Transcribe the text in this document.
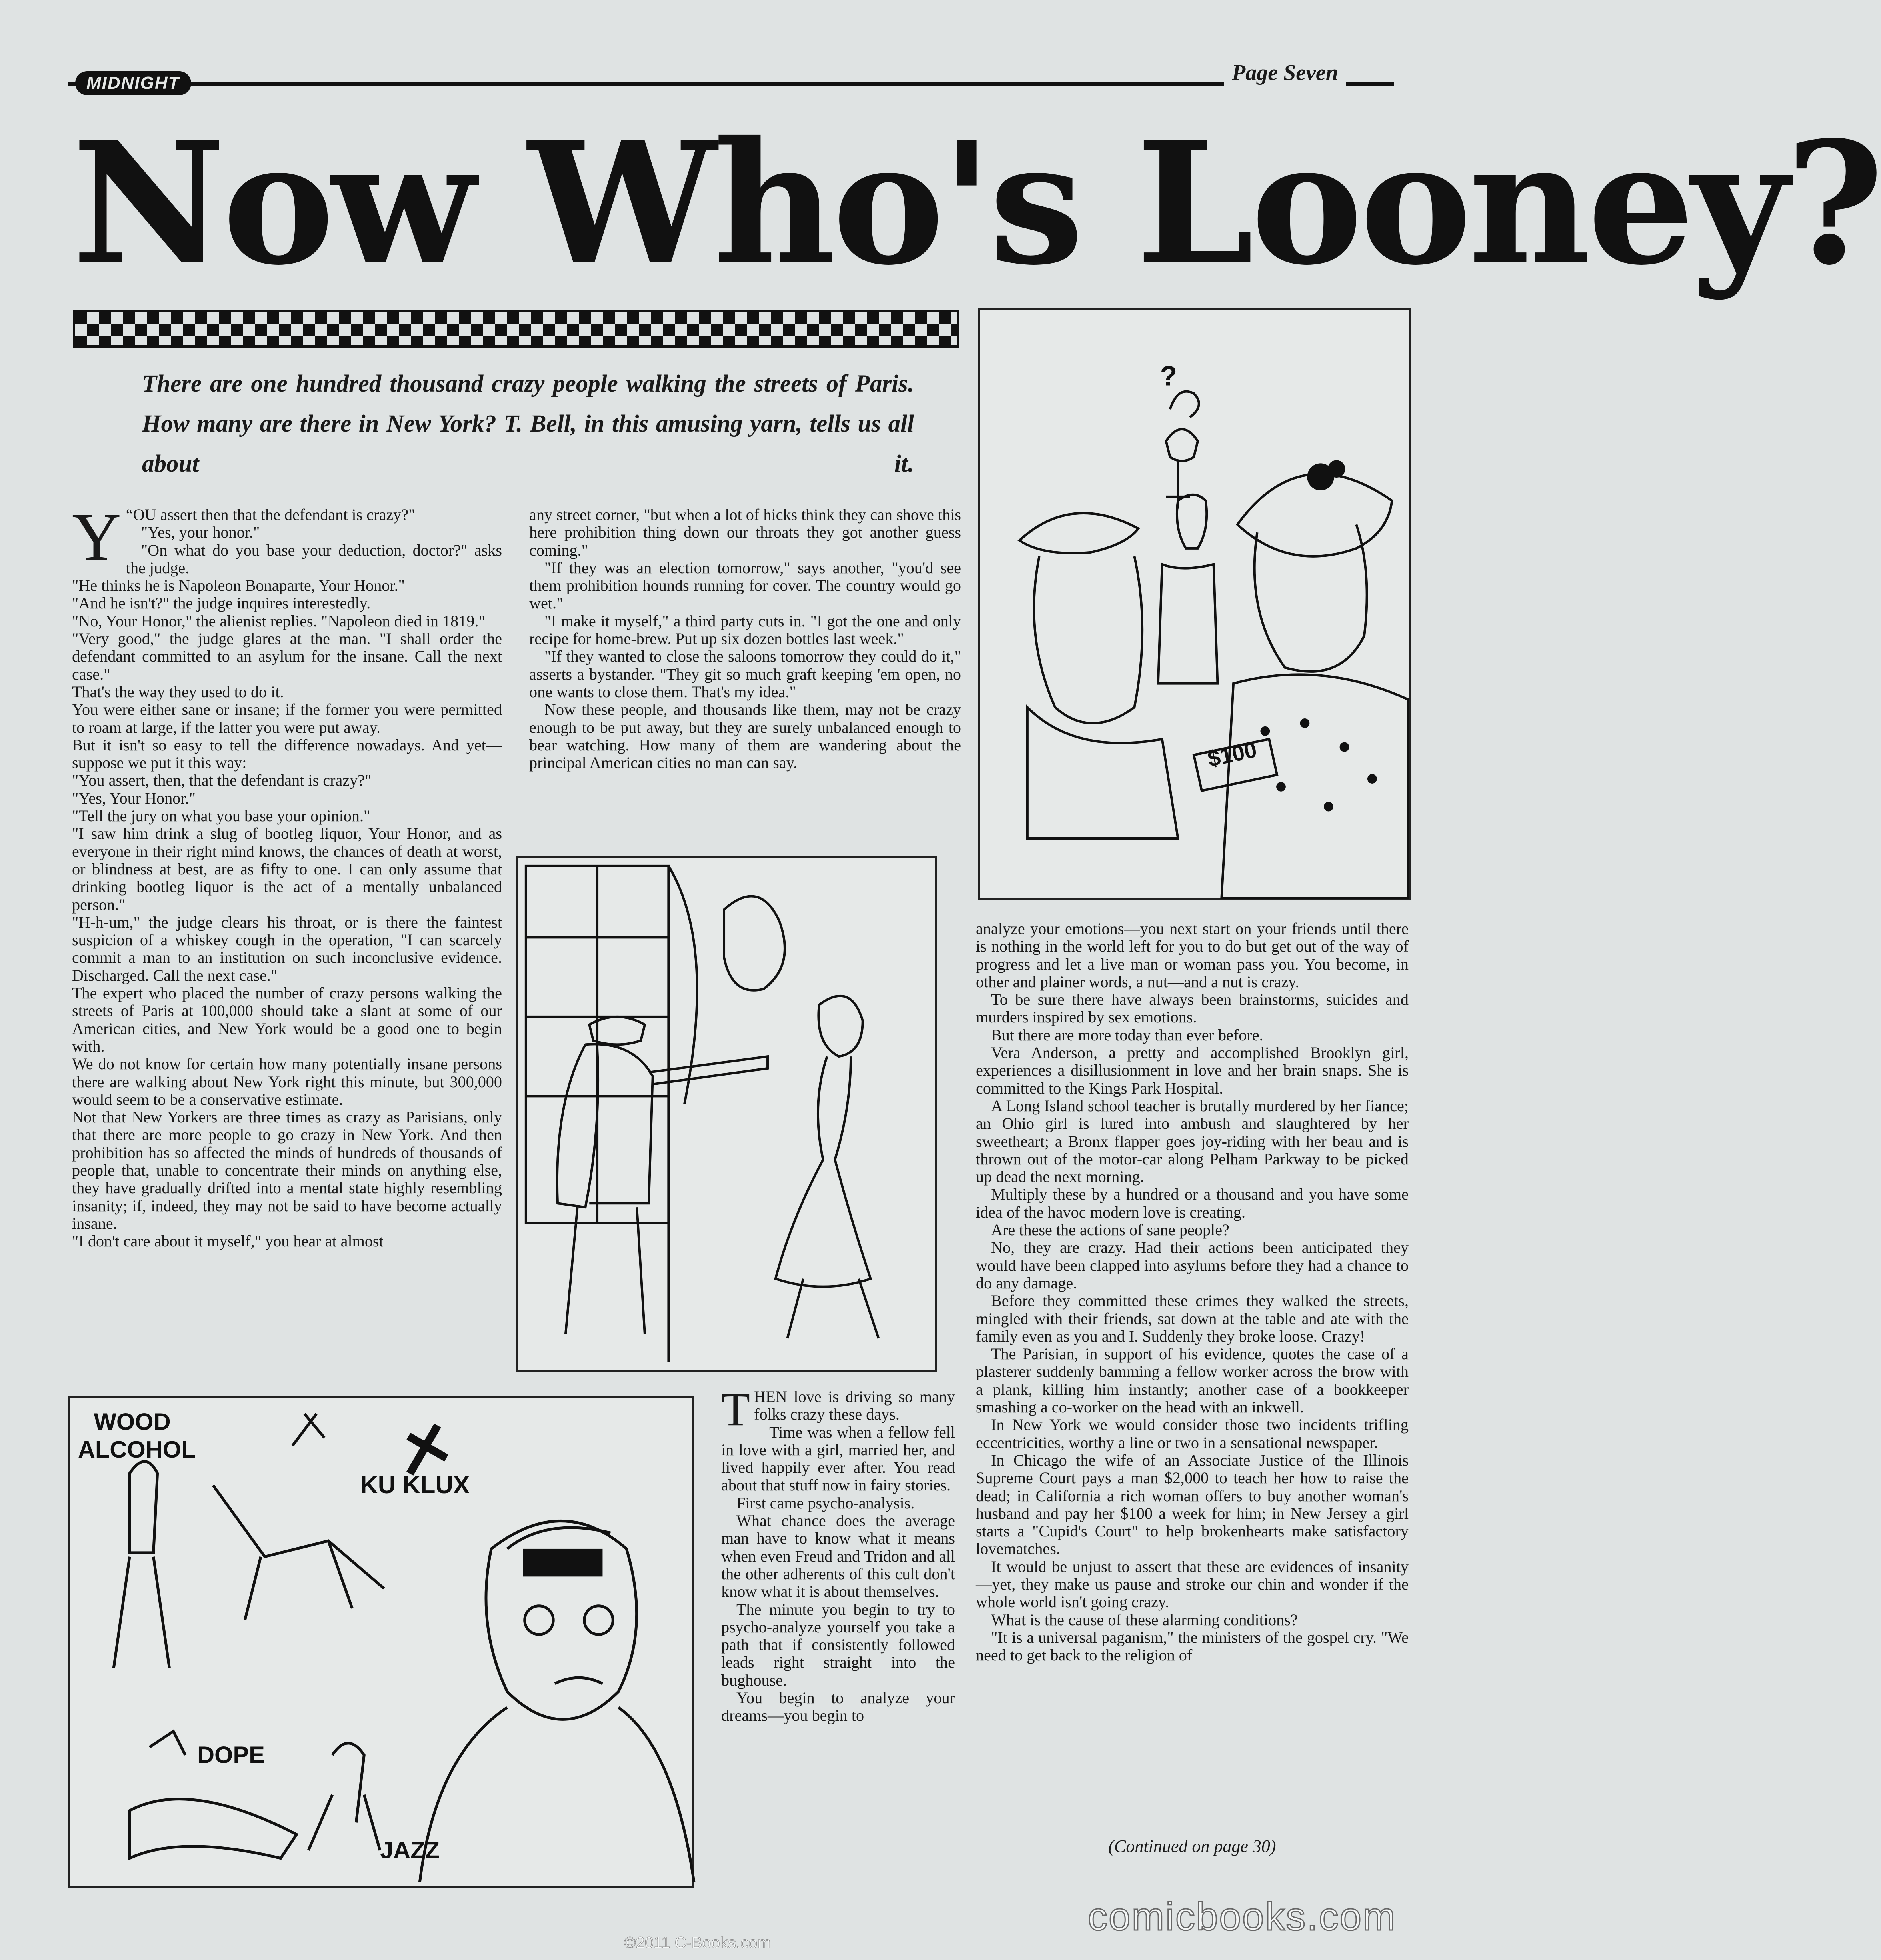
MIDNIGHT	Page Seven
Now Who's Looney?
There are one hundred thousand crazy people walking the streets of Paris. How many are there in New York? T. Bell, in this amusing yarn, tells us all about it.

“
Y OU assert then that the defendant is crazy?"

"Yes, your honor."

"On what do you base your deduction, doctor?" asks the judge.

"He thinks he is Napoleon Bonaparte, Your Honor."

"And he isn't?" the judge inquires interestedly.

"No, Your Honor," the alienist replies. "Napoleon died in 1819."

"Very good," the judge glares at the man. "I shall order the defendant committed to an asylum for the insane. Call the next case."

That's the way they used to do it.

You were either sane or insane; if the former you were permitted to roam at large, if the latter you were put away.

But it isn't so easy to tell the difference nowadays. And yet—suppose we put it this way:

"You assert, then, that the defendant is crazy?"

"Yes, Your Honor."

"Tell the jury on what you base your opinion."

"I saw him drink a slug of bootleg liquor, Your Honor, and as everyone in their right mind knows, the chances of death at worst, or blindness at best, are as fifty to one. I can only assume that drinking bootleg liquor is the act of a mentally unbalanced person."

"H-h-um," the judge clears his throat, or is there the faintest suspicion of a whiskey cough in the operation, "I can scarcely commit a man to an institution on such inconclusive evidence. Discharged. Call the next case."

The expert who placed the number of crazy persons walking the streets of Paris at 100,000 should take a slant at some of our American cities, and New York would be a good one to begin with.

We do not know for certain how many potentially insane persons there are walking about New York right this minute, but 300,000 would seem to be a conservative estimate.

Not that New Yorkers are three times as crazy as Parisians, only that there are more people to go crazy in New York. And then prohibition has so affected the minds of hundreds of thousands of people that, unable to concentrate their minds on anything else, they have gradually drifted into a mental state highly resembling insanity; if, indeed, they may not be said to have become actually insane.

"I don't care about it myself," you hear at almost

any street corner, "but when a lot of hicks think they can shove this here prohibition thing down our throats they got another guess coming."

"If they was an election tomorrow," says another, "you'd see them prohibition hounds running for cover. The country would go wet."

"I make it myself," a third party cuts in. "I got the one and only recipe for home-brew. Put up six dozen bottles last week."

"If they wanted to close the saloons tomorrow they could do it," asserts a bystander. "They git so much graft keeping 'em open, no one wants to close them. That's my idea."

Now these people, and thousands like them, may not be crazy enough to be put away, but they are surely unbalanced enough to bear watching. How many of them are wandering about the principal American cities no man can say.

THEN love is driving so many folks crazy these days.

Time was when a fellow fell in love with a girl, married her, and lived happily ever after. You read about that stuff now in fairy stories.

First came psycho-analysis.

What chance does the average man have to know what it means when even Freud and Tridon and all the other adherents of this cult don't know what it is about themselves.

The minute you begin to try to psycho-analyze yourself you take a path that if consistently followed leads right straight into the bughouse.

You begin to analyze your dreams—you begin to

analyze your emotions—you next start on your friends until there is nothing in the world left for you to do but get out of the way of progress and let a live man or woman pass you. You become, in other and plainer words, a nut—and a nut is crazy.

To be sure there have always been brainstorms, suicides and murders inspired by sex emotions.

But there are more today than ever before.

Vera Anderson, a pretty and accomplished Brooklyn girl, experiences a disillusionment in love and her brain snaps. She is committed to the Kings Park Hospital.

A Long Island school teacher is brutally murdered by her fiance; an Ohio girl is lured into ambush and slaughtered by her sweetheart; a Bronx flapper goes joy-riding with her beau and is thrown out of the motor-car along Pelham Parkway to be picked up dead the next morning.

Multiply these by a hundred or a thousand and you have some idea of the havoc modern love is creating.

Are these the actions of sane people?

No, they are crazy. Had their actions been anticipated they would have been clapped into asylums before they had a chance to do any damage.

Before they committed these crimes they walked the streets, mingled with their friends, sat down at the table and ate with the family even as you and I. Suddenly they broke loose. Crazy!

The Parisian, in support of his evidence, quotes the case of a plasterer suddenly bamming a fellow worker across the brow with a plank, killing him instantly; another case of a bookkeeper smashing a co-worker on the head with an inkwell.

In New York we would consider those two incidents trifling eccentricities, worthy a line or two in a sensational newspaper.

In Chicago the wife of an Associate Justice of the Illinois Supreme Court pays a man $2,000 to teach her how to raise the dead; in California a rich woman offers to buy another woman's husband and pay her $100 a week for him; in New Jersey a girl starts a "Cupid's Court" to help brokenhearts make satisfactory lovematches.

It would be unjust to assert that these are evidences of insanity—yet, they make us pause and stroke our chin and wonder if the whole world isn't going crazy.

What is the cause of these alarming conditions?

"It is a universal paganism," the ministers of the gospel cry. "We need to get back to the religion of

(Continued on page 30)
?
$100
WOOD
ALCOHOL
KU KLUX
DOPE
JAZZ
comicbooks.com
©2011 C-Books.com
